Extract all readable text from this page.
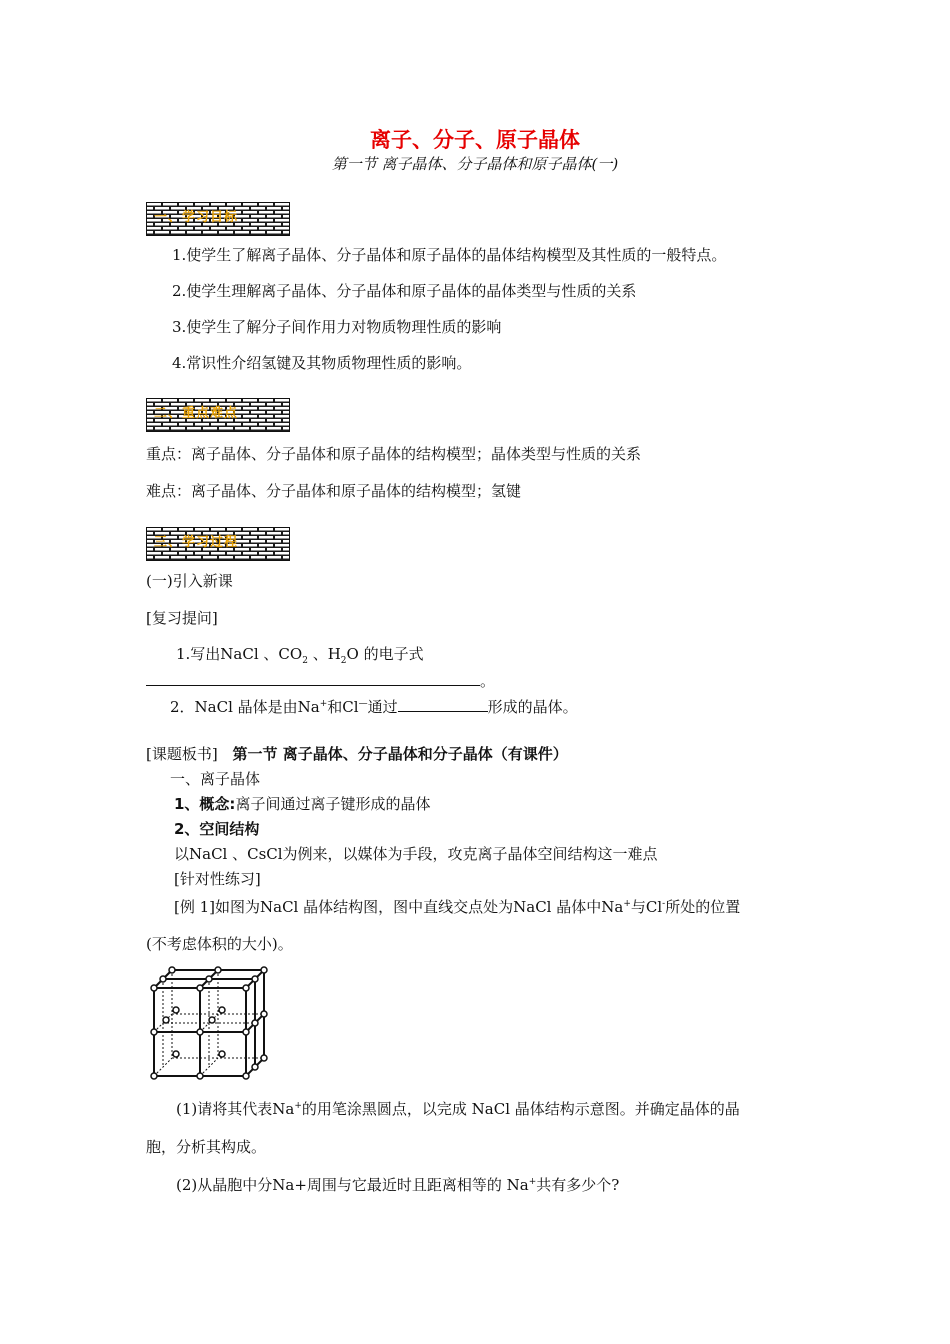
离子、分子、原子晶体
第一节 离子晶体、分子晶体和原子晶体(一)
一、学习目标
1.使学生了解离子晶体、分子晶体和原子晶体的晶体结构模型及其性质的一般特点。
2.使学生理解离子晶体、分子晶体和原子晶体的晶体类型与性质的关系
3.使学生了解分子间作用力对物质物理性质的影响
4.常识性介绍氢键及其物质物理性质的影响。
二、重点难点
重点：离子晶体、分子晶体和原子晶体的结构模型；晶体类型与性质的关系
难点：离子晶体、分子晶体和原子晶体的结构模型；氢键
三、学习过程
(一)引入新课
[复习提问]
1.写出NaCl 、$CO_2$ 、$H_2O$ 的电子式
。
2．NaCl 晶体是由Na+和Cl—通过	形成的晶体。
[课题板书] 第一节 离子晶体、分子晶体和分子晶体（有课件）
一、离子晶体
1、概念:离子间通过离子键形成的晶体
2、空间结构
以NaCl 、CsCl为例来，以媒体为手段，攻克离子晶体空间结构这一难点
[针对性练习]
[例 1]如图为NaCl 晶体结构图，图中直线交点处为NaCl 晶体中Na+与Cl-所处的位置
(不考虑体积的大小)。
(1)请将其代表Na+的用笔涂黑圆点，以完成 NaCl 晶体结构示意图。并确定晶体的晶
胞，分析其构成。
(2)从晶胞中分Na+周围与它最近时且距离相等的 Na+共有多少个?
